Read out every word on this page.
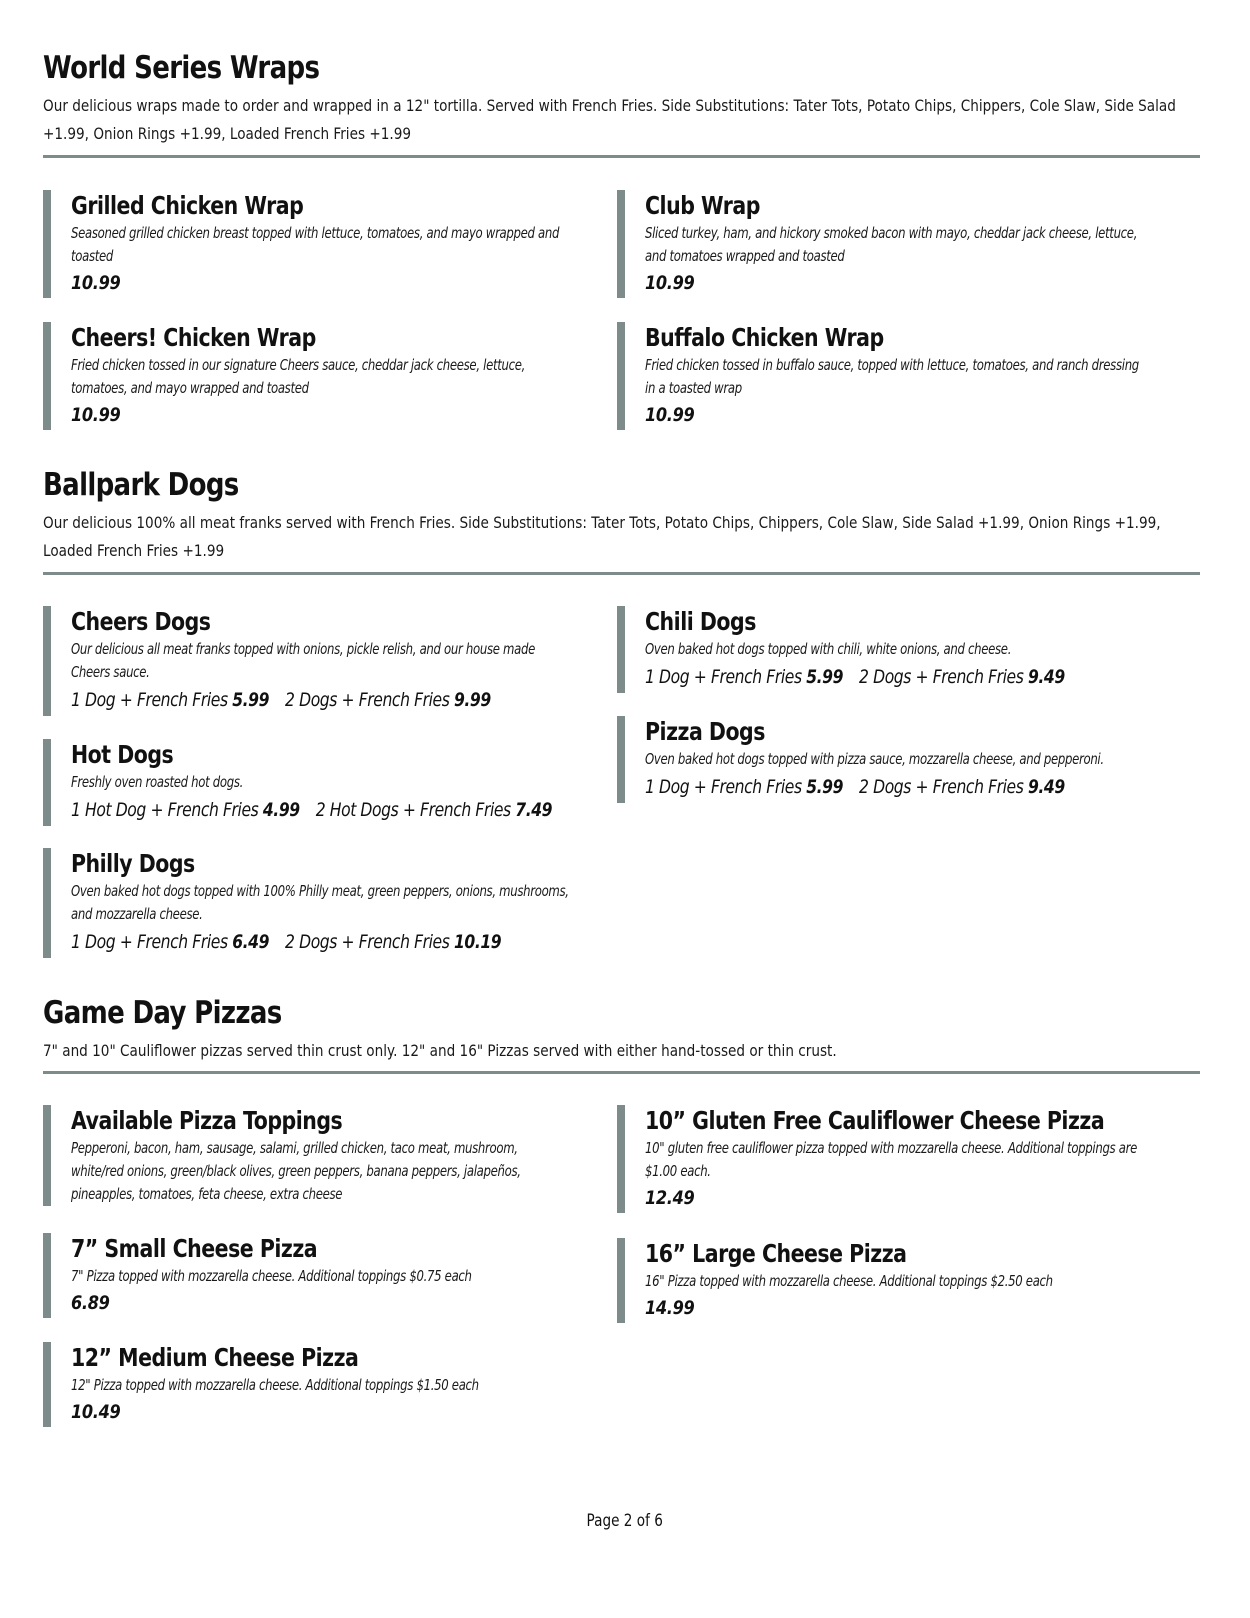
World Series Wraps

Our delicious wraps made to order and wrapped in a 12" tortilla. Served with French Fries. Side Substitutions: Tater Tots, Potato Chips, Chippers, Cole Slaw, Side Salad +1.99, Onion Rings +1.99, Loaded French Fries +1.99

Grilled Chicken Wrap
Seasoned grilled chicken breast topped with lettuce, tomatoes, and mayo wrapped and toasted
10.99
Club Wrap
Sliced turkey, ham, and hickory smoked bacon with mayo, cheddar jack cheese, lettuce, and tomatoes wrapped and toasted
10.99
Cheers! Chicken Wrap
Fried chicken tossed in our signature Cheers sauce, cheddar jack cheese, lettuce, tomatoes, and mayo wrapped and toasted
10.99
Buffalo Chicken Wrap
Fried chicken tossed in buffalo sauce, topped with lettuce, tomatoes, and ranch dressing in a toasted wrap
10.99
Ballpark Dogs

Our delicious 100% all meat franks served with French Fries. Side Substitutions: Tater Tots, Potato Chips, Chippers, Cole Slaw, Side Salad +1.99, Onion Rings +1.99, Loaded French Fries +1.99

Cheers Dogs
Our delicious all meat franks topped with onions, pickle relish, and our house made Cheers sauce.
1 Dog + French Fries 5.99 2 Dogs + French Fries 9.99
Chili Dogs
Oven baked hot dogs topped with chili, white onions, and cheese.
1 Dog + French Fries 5.99 2 Dogs + French Fries 9.49
Hot Dogs
Freshly oven roasted hot dogs.
1 Hot Dog + French Fries 4.99 2 Hot Dogs + French Fries 7.49
Pizza Dogs
Oven baked hot dogs topped with pizza sauce, mozzarella cheese, and pepperoni.
1 Dog + French Fries 5.99 2 Dogs + French Fries 9.49
Philly Dogs
Oven baked hot dogs topped with 100% Philly meat, green peppers, onions, mushrooms, and mozzarella cheese.
1 Dog + French Fries 6.49 2 Dogs + French Fries 10.19
Game Day Pizzas

7" and 10" Cauliflower pizzas served thin crust only. 12" and 16" Pizzas served with either hand-tossed or thin crust.

Available Pizza Toppings
Pepperoni, bacon, ham, sausage, salami, grilled chicken, taco meat, mushroom, white/red onions, green/black olives, green peppers, banana peppers, jalapeños, pineapples, tomatoes, feta cheese, extra cheese
10” Gluten Free Cauliflower Cheese Pizza
10" gluten free cauliflower pizza topped with mozzarella cheese. Additional toppings are $1.00 each.
12.49
7” Small Cheese Pizza
7" Pizza topped with mozzarella cheese. Additional toppings $0.75 each
6.89
16” Large Cheese Pizza
16" Pizza topped with mozzarella cheese. Additional toppings $2.50 each
14.99
12” Medium Cheese Pizza
12" Pizza topped with mozzarella cheese. Additional toppings $1.50 each
10.49
Page 2 of 6
